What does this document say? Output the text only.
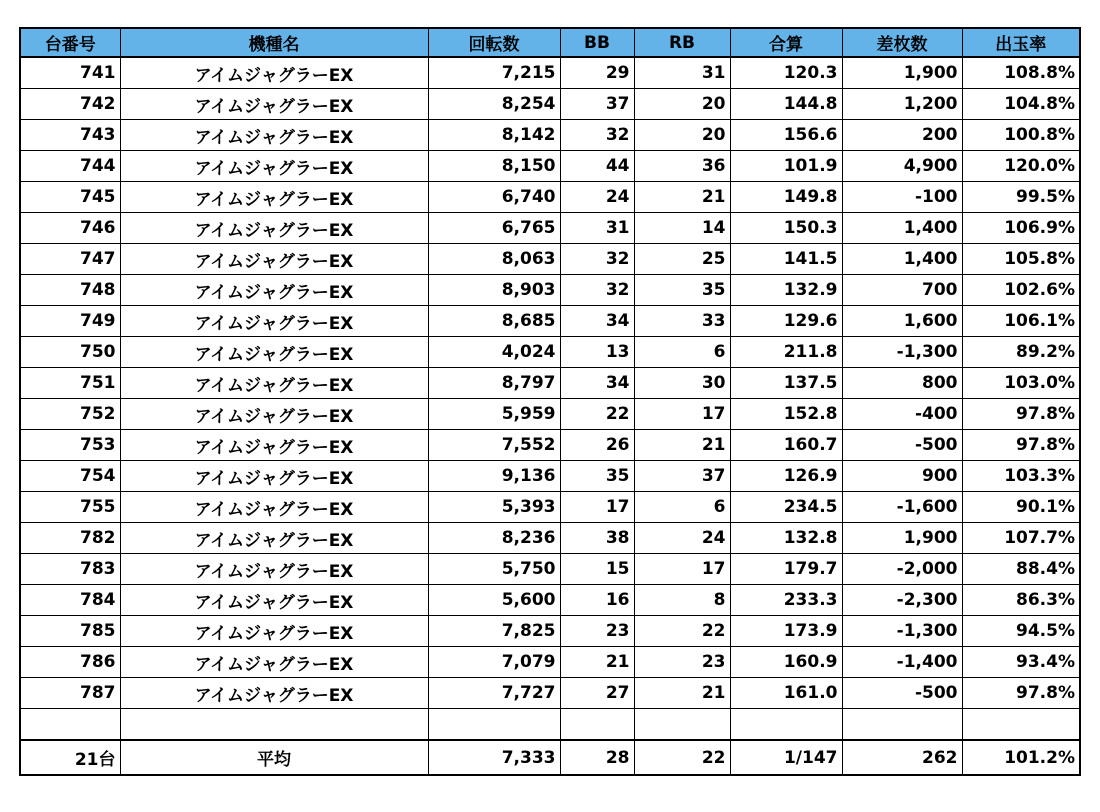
台番号	機種名	回転数	BB	RB	合算	差枚数	出玉率
741	アイムジャグラーEX	7,215	29	31	120.3	1,900	108.8%
742	アイムジャグラーEX	8,254	37	20	144.8	1,200	104.8%
743	アイムジャグラーEX	8,142	32	20	156.6	200	100.8%
744	アイムジャグラーEX	8,150	44	36	101.9	4,900	120.0%
745	アイムジャグラーEX	6,740	24	21	149.8	-100	99.5%
746	アイムジャグラーEX	6,765	31	14	150.3	1,400	106.9%
747	アイムジャグラーEX	8,063	32	25	141.5	1,400	105.8%
748	アイムジャグラーEX	8,903	32	35	132.9	700	102.6%
749	アイムジャグラーEX	8,685	34	33	129.6	1,600	106.1%
750	アイムジャグラーEX	4,024	13	6	211.8	-1,300	89.2%
751	アイムジャグラーEX	8,797	34	30	137.5	800	103.0%
752	アイムジャグラーEX	5,959	22	17	152.8	-400	97.8%
753	アイムジャグラーEX	7,552	26	21	160.7	-500	97.8%
754	アイムジャグラーEX	9,136	35	37	126.9	900	103.3%
755	アイムジャグラーEX	5,393	17	6	234.5	-1,600	90.1%
782	アイムジャグラーEX	8,236	38	24	132.8	1,900	107.7%
783	アイムジャグラーEX	5,750	15	17	179.7	-2,000	88.4%
784	アイムジャグラーEX	5,600	16	8	233.3	-2,300	86.3%
785	アイムジャグラーEX	7,825	23	22	173.9	-1,300	94.5%
786	アイムジャグラーEX	7,079	21	23	160.9	-1,400	93.4%
787	アイムジャグラーEX	7,727	27	21	161.0	-500	97.8%

21台	平均	7,333	28	22	1/147	262	101.2%
